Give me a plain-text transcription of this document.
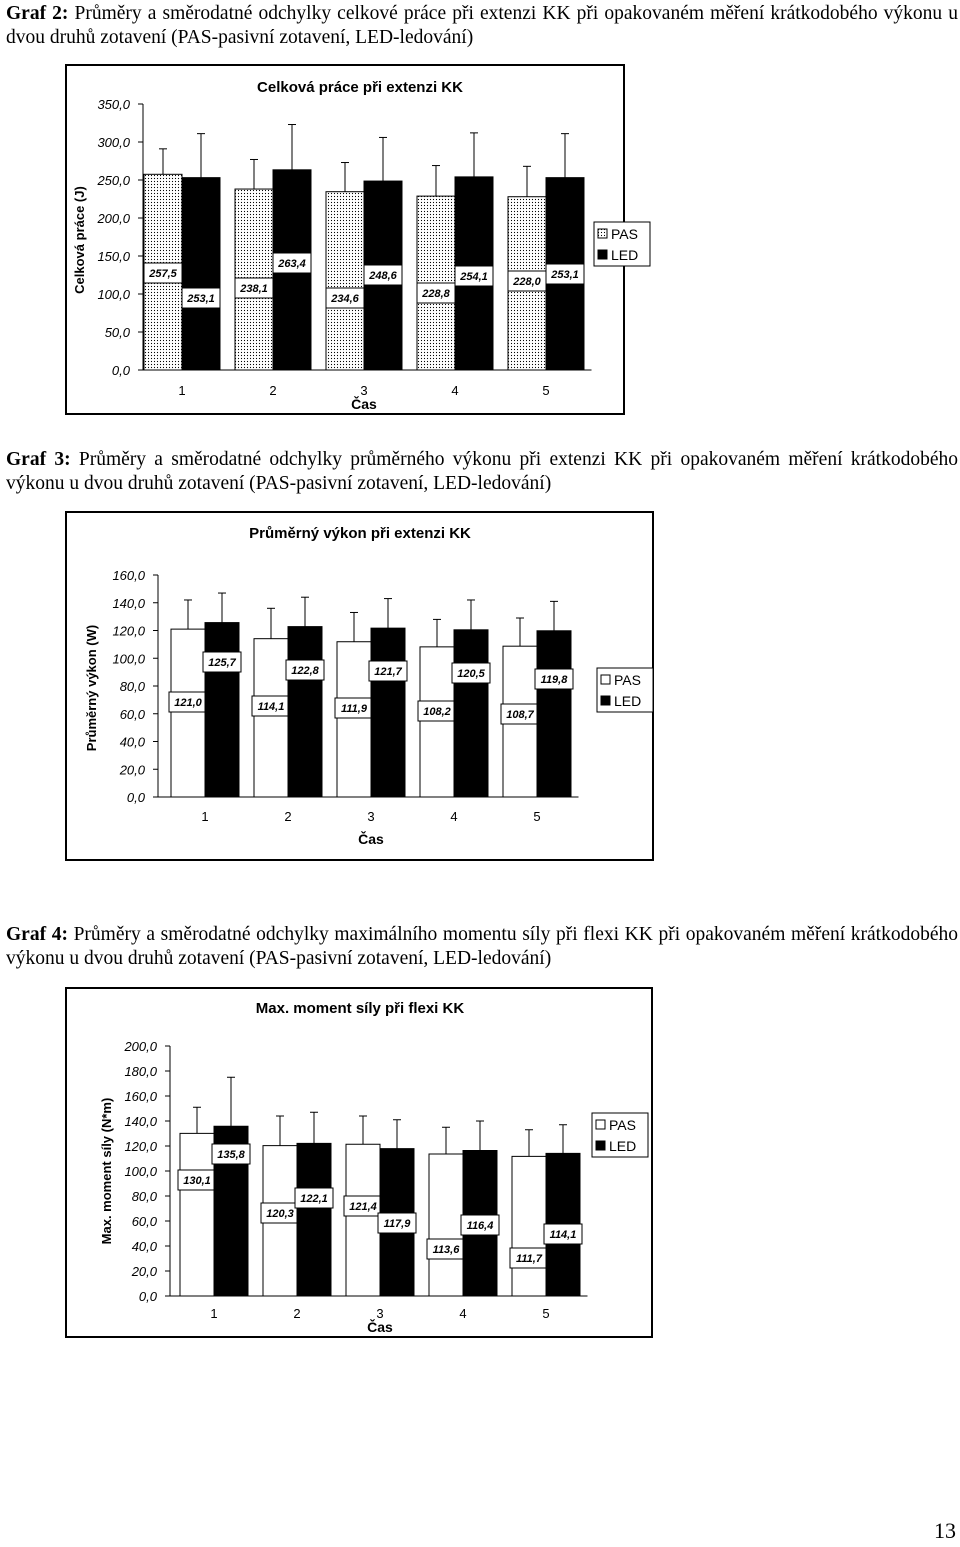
Graf 2: Průměry a směrodatné odchylky celkové práce při extenzi KK při opakovaném měření krátkodobého výkonu u dvou druhů zotavení (PAS-pasivní zotavení, LED-ledování)
Graf 3: Průměry a směrodatné odchylky průměrného výkonu při extenzi KK při opakovaném měření krátkodobého výkonu u dvou druhů zotavení (PAS-pasivní zotavení, LED-ledování)
Graf 4: Průměry a směrodatné odchylky maximálního momentu síly při flexi KK při opakovaném měření krátkodobého výkonu u dvou druhů zotavení (PAS-pasivní zotavení, LED-ledování)
Celková práce při extenzi KK
0,0
50,0
100,0
150,0
200,0
250,0
300,0
350,0
Celková práce (J)	257,5
253,1
1
238,1
263,4
2
234,6
248,6
3
228,8
254,1
4
228,0
253,1
5
Čas
PAS
LED
Průměrný výkon při extenzi KK
0,0
20,0
40,0
60,0
80,0
100,0
120,0
140,0
160,0
Průměrný výkon (W)	121,0
125,7
1
114,1
122,8
2
111,9
121,7
3
108,2
120,5
4
108,7
119,8
5
Čas
PAS
LED
Max. moment síly při flexi KK
0,0
20,0
40,0
60,0
80,0
100,0
120,0
140,0
160,0
180,0
200,0
Max. moment síly (N*m)	130,1
135,8
1
120,3
122,1
2
121,4
117,9
3
113,6
116,4
4
111,7
114,1
5
Čas
PAS
LED
13
